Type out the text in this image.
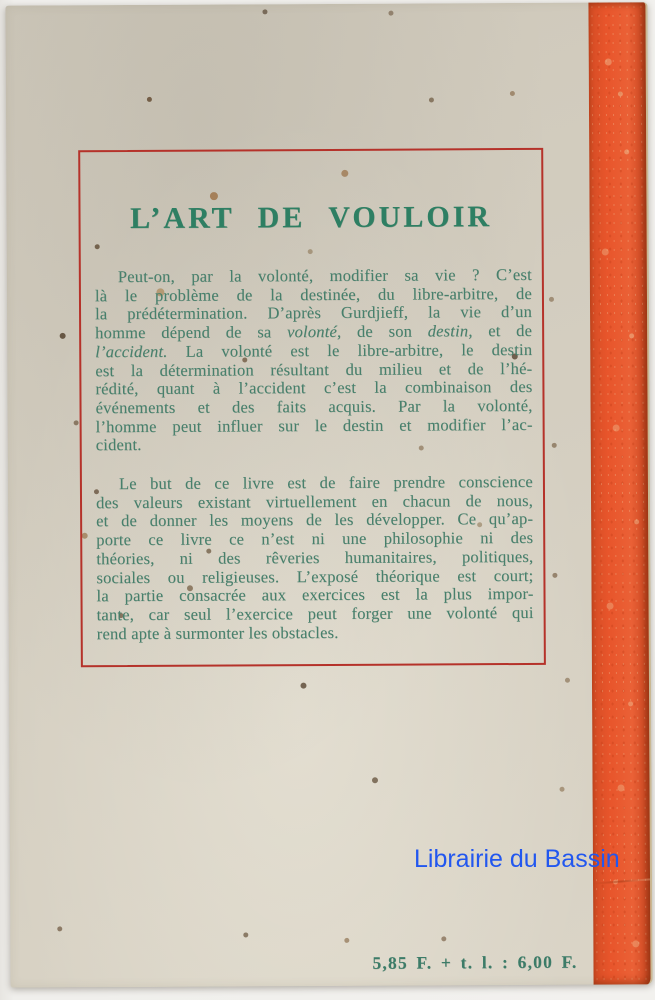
L’ART DE VOULOIR
Peut-on, par la volonté, modifier sa vie ? C’est
là le problème de la destinée, du libre-arbitre, de
la prédétermination. D’après Gurdjieff, la vie d’un
homme dépend de sa volonté, de son destin, et de
l’accident. La volonté est le libre-arbitre, le destin
est la détermination résultant du milieu et de l’hé-
rédité, quant à l’accident c’est la combinaison des
événements et des faits acquis. Par la volonté,
l’homme peut influer sur le destin et modifier l’ac-
cident.
Le but de ce livre est de faire prendre conscience
des valeurs existant virtuellement en chacun de nous,
et de donner les moyens de les développer. Ce qu’ap-
porte ce livre ce n’est ni une philosophie ni des
théories, ni des rêveries humanitaires, politiques,
sociales ou religieuses. L’exposé théorique est court;
la partie consacrée aux exercices est la plus impor-
tante, car seul l’exercice peut forger une volonté qui
rend apte à surmonter les obstacles.
5,85 F. + t. l. : 6,00 F.
Librairie du Bassin
